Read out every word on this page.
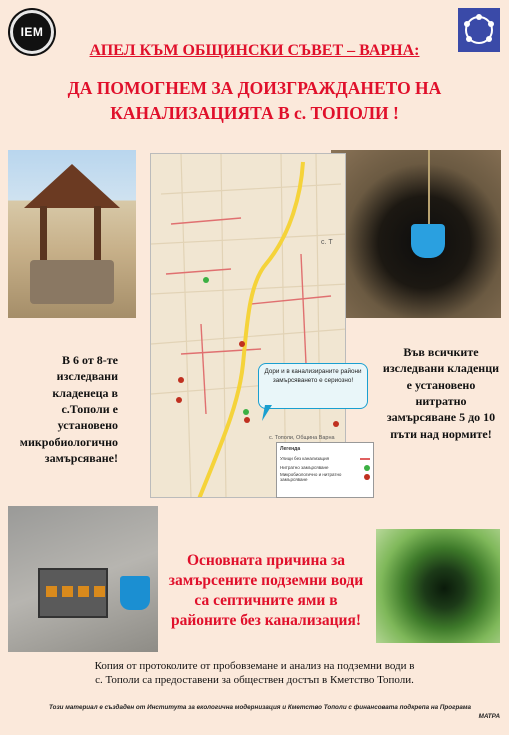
IEM
АПЕЛ КЪМ ОБЩИНСКИ СЪВЕТ – ВАРНА:
ДА ПОМОГНЕМ ЗА ДОИЗГРАЖДАНЕТО НА
КАНАЛИЗАЦИЯТА В с. ТОПОЛИ !
с. Т
с. Тополи, Община Варна
Дори и в канализираните райони замърсяването е сериозно!
Легенда
Улици без канализация
Нитратно замърсяване
Микробиологично и нитратно замърсяване
В 6 от 8-те изследвани кладенеца в с.Тополи е установено микробиологично замърсяване!
Във всичките изследвани кладенци е установено нитратно замърсяване 5 до 10 пъти над нормите!
Основната причина за замърсените подземни води са септичните ями в районите без канализация!
Копия от протоколите от пробовземане и анализ на подземни води в
с. Тополи са предоставени за обществен достъп в Кметство Тополи.
Този материал е създаден от Института за екологична модернизация и Кметство Тополи с финансовата подкрепа на Програма
МАТРА
